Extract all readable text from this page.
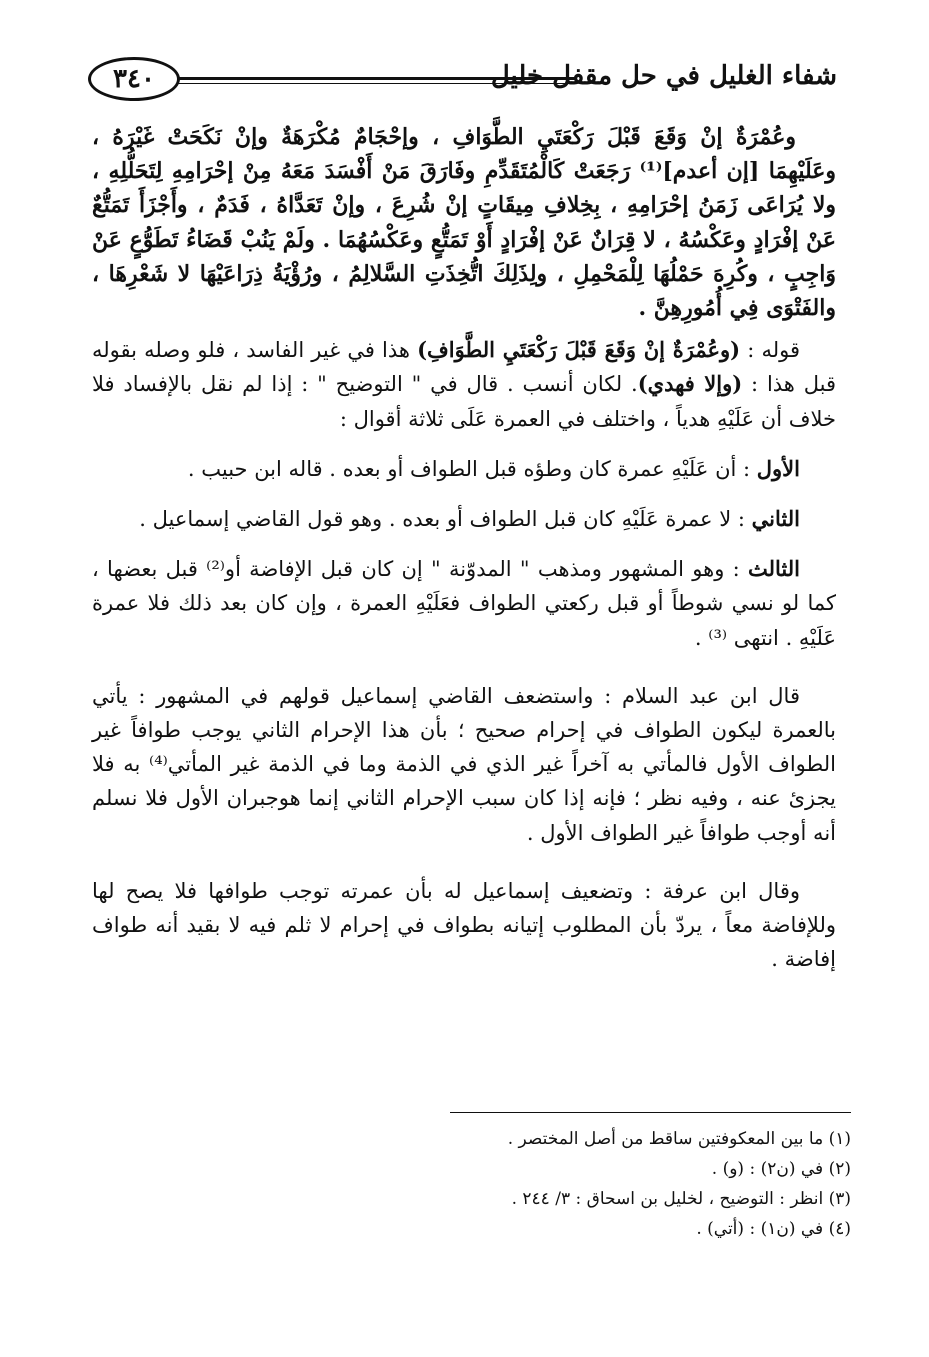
شفاء الغليل في حل مقفل خليل
٣٤٠

وعُمْرَةٌ إنْ وَقَعَ قَبْلَ رَكْعَتَيِ الطَّوَافِ ، وإحْجَامٌ مُكْرَهَةٌ وإنْ نَكَحَتْ غَيْرَهُ ، وعَلَيْهِمَا [إن أعدم]⁽¹⁾ رَجَعَتْ كَالْمُتَقَدِّمِ وفَارَقَ مَنْ أَفْسَدَ مَعَهُ مِنْ إحْرَامِهِ لِتَحَلُّلِهِ ، ولا يُرَاعَى زَمَنُ إحْرَامِهِ ، بِخِلافِ مِيقَاتٍ إنْ شُرِعَ ، وإنْ تَعَدَّاهُ ، فَدَمٌ ، وأَجْزَأَ تَمَتُّعٌ عَنْ إفْرَادٍ وعَكْسُهُ ، لا قِرَانٌ عَنْ إفْرَادٍ أَوْ تَمَتُّعٍ وعَكْسُهُمَا . ولَمْ يَنُبْ قَضَاءُ تَطَوُّعٍ عَنْ وَاجِبٍ ، وكُرِهَ حَمْلُهَا لِلْمَحْمِلِ ، ولِذَلِكَ اتُّخِذَتِ السَّلالِمُ ، ورُؤْيَةُ ذِرَاعَيْهَا لا شَعْرِهَا ، والفَتْوَى فِي أُمُورِهِنَّ .

قوله : (وعُمْرَةٌ إنْ وَقَعَ قَبْلَ رَكْعَتَيِ الطَّوَافِ) هذا في غير الفاسد ، فلو وصله بقوله قبل هذا : (وإلا فهدي). لكان أنسب . قال في " التوضيح " : إذا لم نقل بالإفساد فلا خلاف أن عَلَيْهِ هدياً ، واختلف في العمرة عَلَى ثلاثة أقوال :

الأول : أن عَلَيْهِ عمرة كان وطؤه قبل الطواف أو بعده . قاله ابن حبيب .

الثاني : لا عمرة عَلَيْهِ كان قبل الطواف أو بعده . وهو قول القاضي إسماعيل .

الثالث : وهو المشهور ومذهب " المدوّنة " إن كان قبل الإفاضة أو⁽²⁾ قبل بعضها ، كما لو نسي شوطاً أو قبل ركعتي الطواف فعَلَيْهِ العمرة ، وإن كان بعد ذلك فلا عمرة عَلَيْهِ . انتهى ⁽³⁾ .

قال ابن عبد السلام : واستضعف القاضي إسماعيل قولهم في المشهور : يأتي بالعمرة ليكون الطواف في إحرام صحيح ؛ بأن هذا الإحرام الثاني يوجب طوافاً غير الطواف الأول فالمأتي به آخراً غير الذي في الذمة وما في الذمة غير المأتي⁽⁴⁾ به فلا يجزئ عنه ، وفيه نظر ؛ فإنه إذا كان سبب الإحرام الثاني إنما هوجبران الأول فلا نسلم أنه أوجب طوافاً غير الطواف الأول .

وقال ابن عرفة : وتضعيف إسماعيل له بأن عمرته توجب طوافها فلا يصح لها وللإفاضة معاً ، يردّ بأن المطلوب إتيانه بطواف في إحرام لا ثلم فيه لا بقيد أنه طواف إفاضة .

(١) ما بين المعكوفتين ساقط من أصل المختصر .
(٢) في (ن٢) : (و) .
(٣) انظر : التوضيح ، لخليل بن اسحاق : ٣/ ٢٤٤ .
(٤) في (ن١) : (أتي) .
